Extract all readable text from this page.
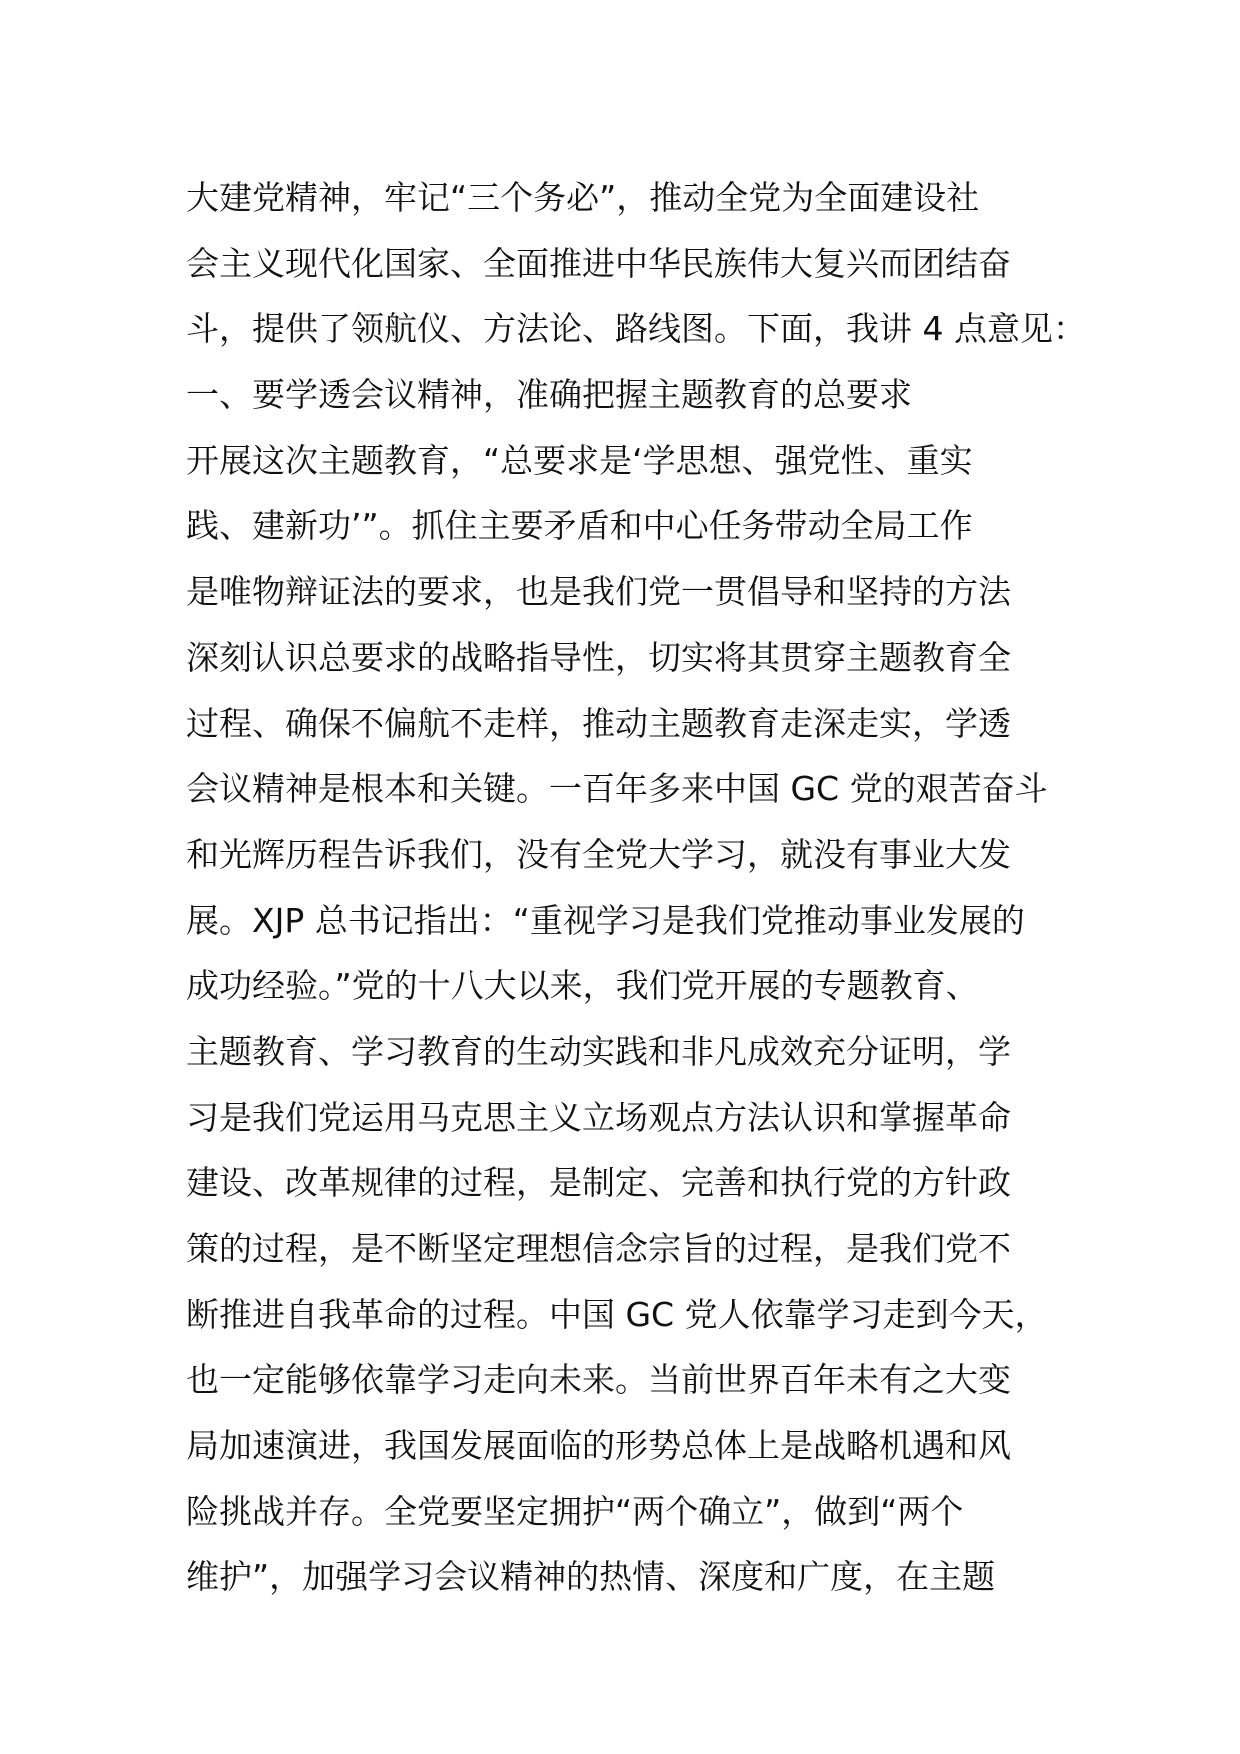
大建党精神，牢记“三个务必”，推动全党为全面建设社
会主义现代化国家、全面推进中华民族伟大复兴而团结奋
斗，提供了领航仪、方法论、路线图。下面，我讲 4 点意见：
一、要学透会议精神，准确把握主题教育的总要求
开展这次主题教育，“总要求是‘学思想、强党性、重实
践、建新功’”。抓住主要矛盾和中心任务带动全局工作
是唯物辩证法的要求，也是我们党一贯倡导和坚持的方法
深刻认识总要求的战略指导性，切实将其贯穿主题教育全
过程、确保不偏航不走样，推动主题教育走深走实，学透
会议精神是根本和关键。一百年多来中国 GC 党的艰苦奋斗
和光辉历程告诉我们，没有全党大学习，就没有事业大发
展。XJP 总书记指出：“重视学习是我们党推动事业发展的
成功经验。”党的十八大以来，我们党开展的专题教育、
主题教育、学习教育的生动实践和非凡成效充分证明，学
习是我们党运用马克思主义立场观点方法认识和掌握革命
建设、改革规律的过程，是制定、完善和执行党的方针政
策的过程，是不断坚定理想信念宗旨的过程，是我们党不
断推进自我革命的过程。中国 GC 党人依靠学习走到今天，
也一定能够依靠学习走向未来。当前世界百年未有之大变
局加速演进，我国发展面临的形势总体上是战略机遇和风
险挑战并存。全党要坚定拥护“两个确立”，做到“两个
维护”，加强学习会议精神的热情、深度和广度，在主题
